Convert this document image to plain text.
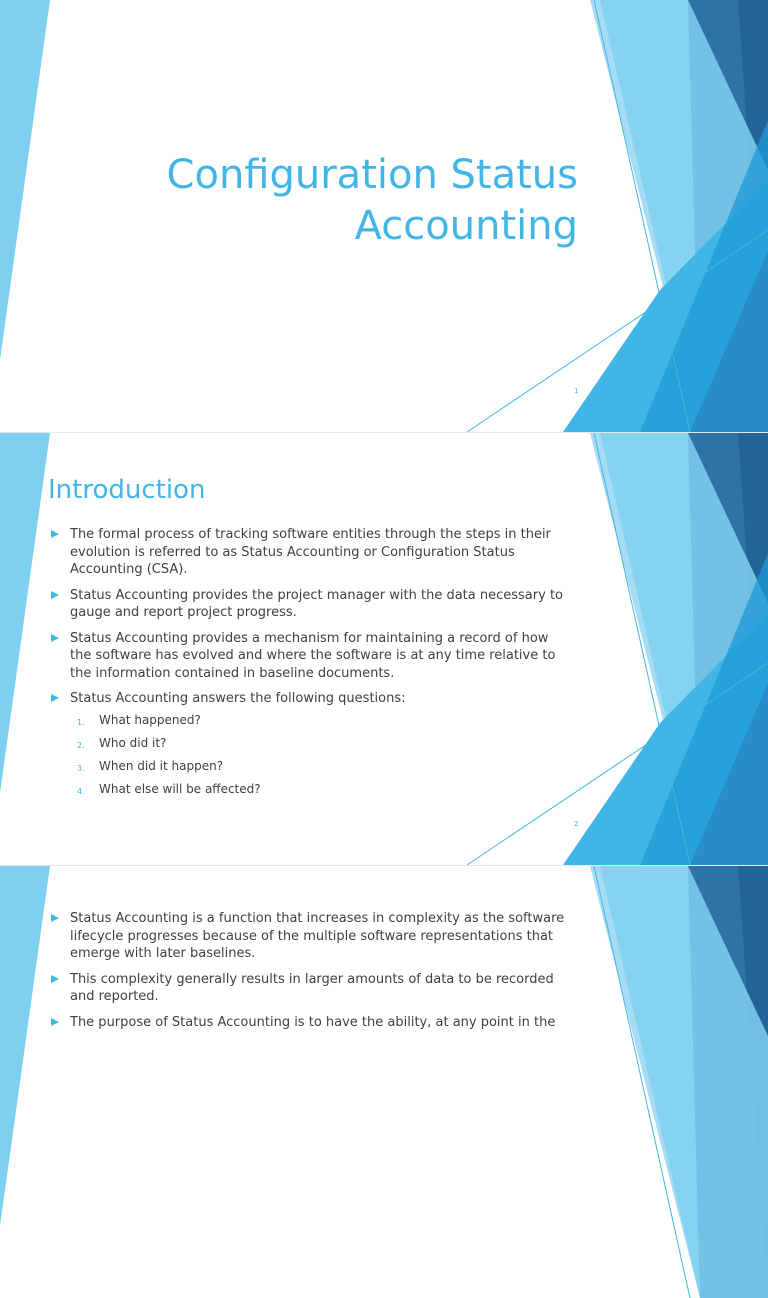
Configuration Status
Accounting
1
Introduction
The formal process of tracking software entities through the steps in their evolution is referred to as Status Accounting or Configuration Status Accounting (CSA).
Status Accounting provides the project manager with the data necessary to gauge and report project progress.
Status Accounting provides a mechanism for maintaining a record of how the software has evolved and where the software is at any time relative to the information contained in baseline documents.
Status Accounting answers the following questions:
1. What happened?
2. Who did it?
3. When did it happen?
4. What else will be affected?
2
Status Accounting is a function that increases in complexity as the software lifecycle progresses because of the multiple software representations that emerge with later baselines.
This complexity generally results in larger amounts of data to be recorded and reported.
The purpose of Status Accounting is to have the ability, at any point in the
